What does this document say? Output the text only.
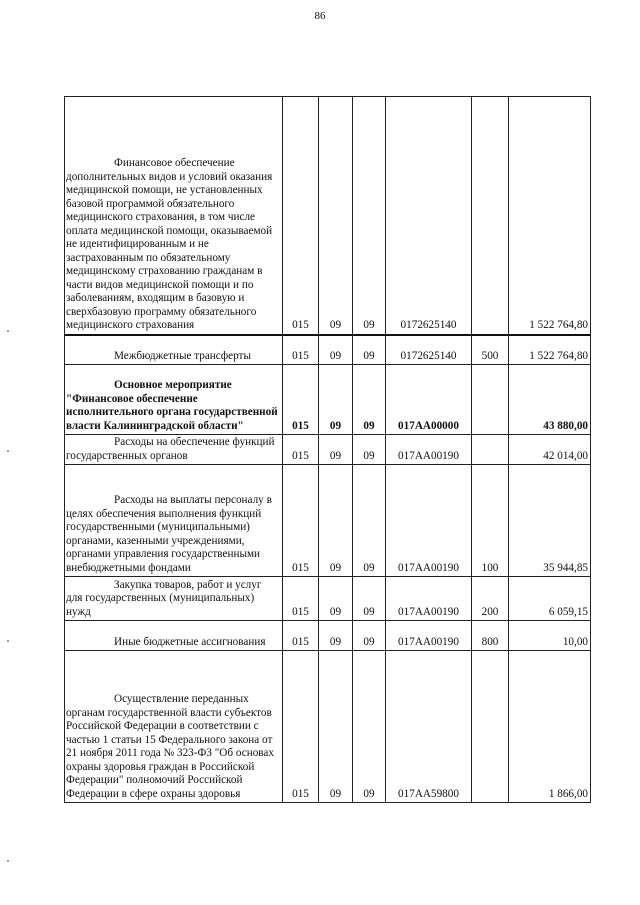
86
Финансовое обеспечение дополнительных видов и условий оказания медицинской помощи, не установленных базовой программой обязательного медицинского страхования, в том числе оплата медицинской помощи, оказываемой не идентифицированным и не застрахованным по обязательному медицинскому страхованию гражданам в части видов медицинской помощи и по заболеваниям, входящим в базовую и сверхбазовую программу обязательного медицинского страхования	015	09	09	0172625140		1 522 764,80

Межбюджетные трансферты	015	09	09	0172625140	500	1 522 764,80

Основное мероприятие "Финансовое обеспечение исполнительного органа государственной власти Калининградской области"	015	09	09	017АА00000		43 880,00

Расходы на обеспечение функций государственных органов	015	09	09	017АА00190		42 014,00

Расходы на выплаты персоналу в целях обеспечения выполнения функций государственными (муниципальными) органами, казенными учреждениями, органами управления государственными внебюджетными фондами	015	09	09	017АА00190	100	35 944,85

Закупка товаров, работ и услуг для государственных (муниципальных) нужд	015	09	09	017АА00190	200	6 059,15

Иные бюджетные ассигнования	015	09	09	017АА00190	800	10,00

Осуществление переданных органам государственной власти субъектов Российской Федерации в соответствии с частью 1 статьи 15 Федерального закона от 21 ноября 2011 года № 323-ФЗ "Об основах охраны здоровья граждан в Российской Федерации" полномочий Российской Федерации в сфере охраны здоровья	015	09	09	017АА59800		1 866,00
